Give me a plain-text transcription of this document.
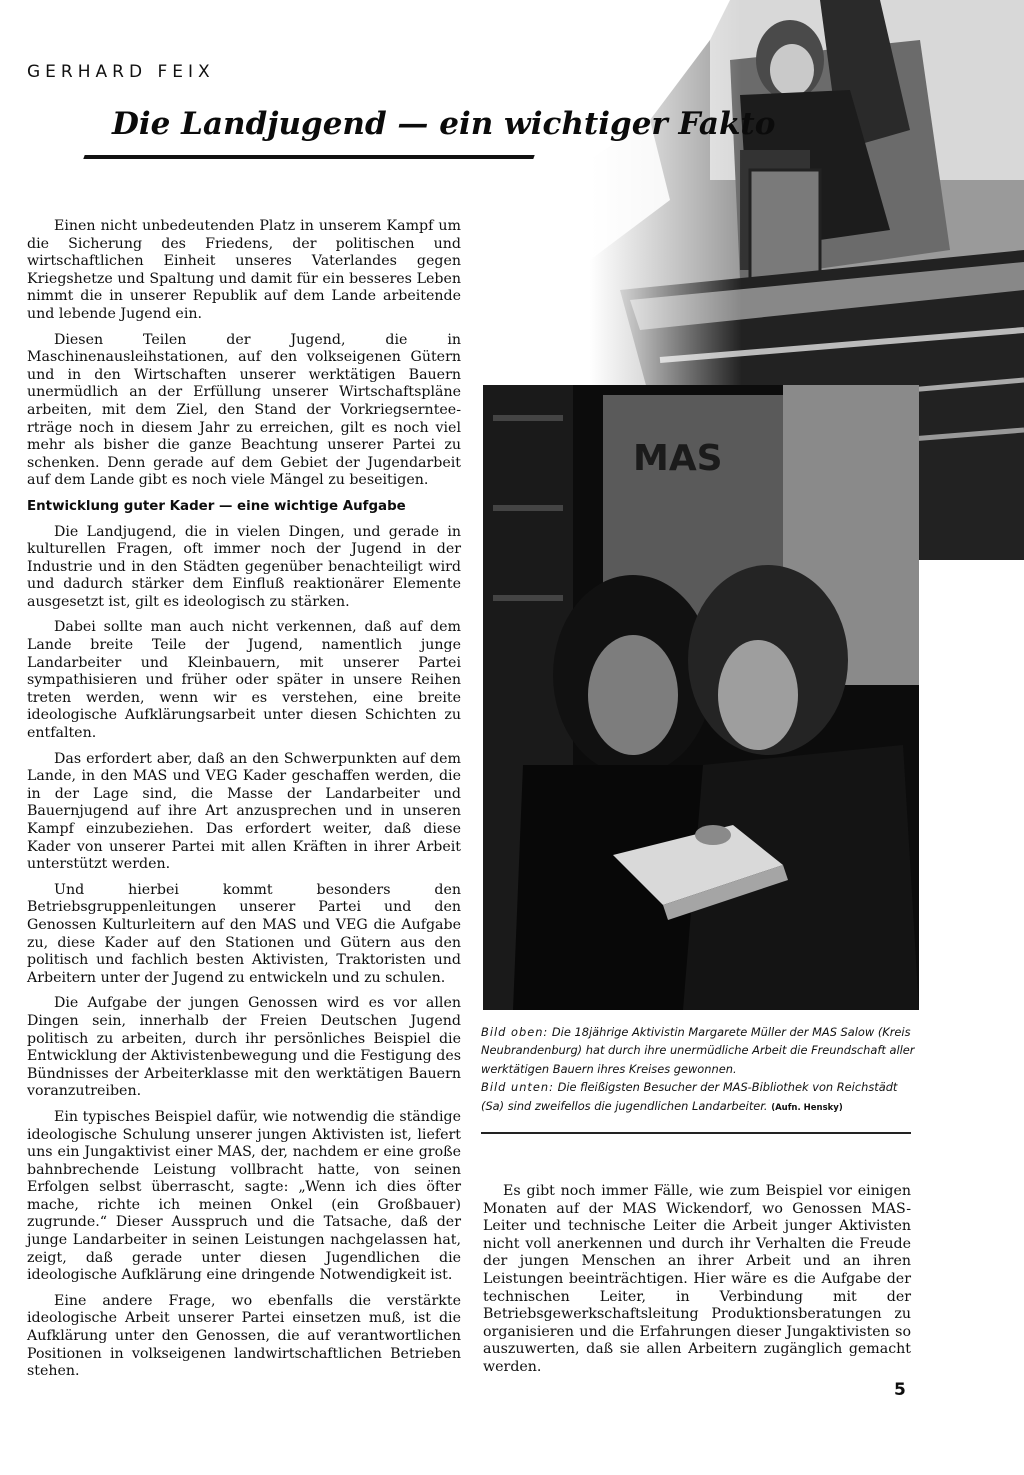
GERHARD FEIX
MAS
Die Landjugend — ein wichtiger Fakto

Einen nicht unbedeutenden Platz in unserem Kampf um die Sicherung des Friedens, der politischen und wirtschaftlichen Einheit unseres Vaterlandes gegen Kriegshetze und Spaltung und damit für ein besseres Leben nimmt die in unserer Republik auf dem Lande arbeitende und lebende Jugend ein.

Diesen Teilen der Jugend, die in Maschinenausleihstationen, auf den volkseigenen Gütern und in den Wirtschaften unserer werktätigen Bauern unermüdlich an der Erfüllung unserer Wirtschaftspläne arbeiten, mit dem Ziel, den Stand der Vorkriegsernteerträge noch in diesem Jahr zu erreichen, gilt es noch viel mehr als bisher die ganze Beachtung unserer Partei zu schenken. Denn gerade auf dem Gebiet der Jugendarbeit auf dem Lande gibt es noch viele Mängel zu beseitigen.

Entwicklung guter Kader — eine wichtige Aufgabe

Die Landjugend, die in vielen Dingen, und gerade in kulturellen Fragen, oft immer noch der Jugend in der Industrie und in den Städten gegenüber benachteiligt wird und dadurch stärker dem Einfluß reaktionärer Elemente ausgesetzt ist, gilt es ideologisch zu stärken.

Dabei sollte man auch nicht verkennen, daß auf dem Lande breite Teile der Jugend, namentlich junge Landarbeiter und Kleinbauern, mit unserer Partei sympathisieren und früher oder später in unsere Reihen treten werden, wenn wir es verstehen, eine breite ideologische Aufklärungsarbeit unter diesen Schichten zu entfalten.

Das erfordert aber, daß an den Schwerpunkten auf dem Lande, in den MAS und VEG Kader geschaffen werden, die in der Lage sind, die Masse der Landarbeiter und Bauernjugend auf ihre Art anzusprechen und in unseren Kampf einzubeziehen. Das erfordert weiter, daß diese Kader von unserer Partei mit allen Kräften in ihrer Arbeit unterstützt werden.

Und hierbei kommt besonders den Betriebsgruppenleitungen unserer Partei und den Genossen Kulturleitern auf den MAS und VEG die Aufgabe zu, diese Kader auf den Stationen und Gütern aus den politisch und fachlich besten Aktivisten, Traktoristen und Arbeitern unter der Jugend zu entwickeln und zu schulen.

Die Aufgabe der jungen Genossen wird es vor allen Dingen sein, innerhalb der Freien Deutschen Jugend politisch zu arbeiten, durch ihr persönliches Beispiel die Entwicklung der Aktivistenbewegung und die Festigung des Bündnisses der Arbeiterklasse mit den werktätigen Bauern voranzutreiben.

Ein typisches Beispiel dafür, wie notwendig die ständige ideologische Schulung unserer jungen Aktivisten ist, liefert uns ein Jungaktivist einer MAS, der, nachdem er eine große bahnbrechende Leistung vollbracht hatte, von seinen Erfolgen selbst überrascht, sagte: „Wenn ich dies öfter mache, richte ich meinen Onkel (ein Großbauer) zugrunde.“ Dieser Ausspruch und die Tatsache, daß der junge Landarbeiter in seinen Leistungen nachgelassen hat, zeigt, daß gerade unter diesen Jugendlichen die ideologische Aufklärung eine dringende Notwendigkeit ist.

Eine andere Frage, wo ebenfalls die verstärkte ideologische Arbeit unserer Partei einsetzen muß, ist die Aufklärung unter den Genossen, die auf verantwortlichen Positionen in volkseigenen landwirtschaftlichen Betrieben stehen.

Bild oben: Die 18jährige Aktivistin Margarete Müller der MAS Salow (Kreis Neubrandenburg) hat durch ihre unermüdliche Arbeit die Freundschaft aller werktätigen Bauern ihres Kreises gewonnen.
Bild unten: Die fleißigsten Besucher der MAS-Bibliothek von Reichstädt (Sa) sind zweifellos die jugendlichen Landarbeiter. (Aufn. Hensky)

Es gibt noch immer Fälle, wie zum Beispiel vor einigen Monaten auf der MAS Wickendorf, wo Genossen MAS-Leiter und technische Leiter die Arbeit junger Aktivisten nicht voll anerkennen und durch ihr Verhalten die Freude der jungen Menschen an ihrer Arbeit und an ihren Leistungen beeinträchtigen. Hier wäre es die Aufgabe der technischen Leiter, in Verbindung mit der Betriebsgewerkschaftsleitung Produktionsberatungen zu organisieren und die Erfahrungen dieser Jungaktivisten so auszuwerten, daß sie allen Arbeitern zugänglich gemacht werden.

5
